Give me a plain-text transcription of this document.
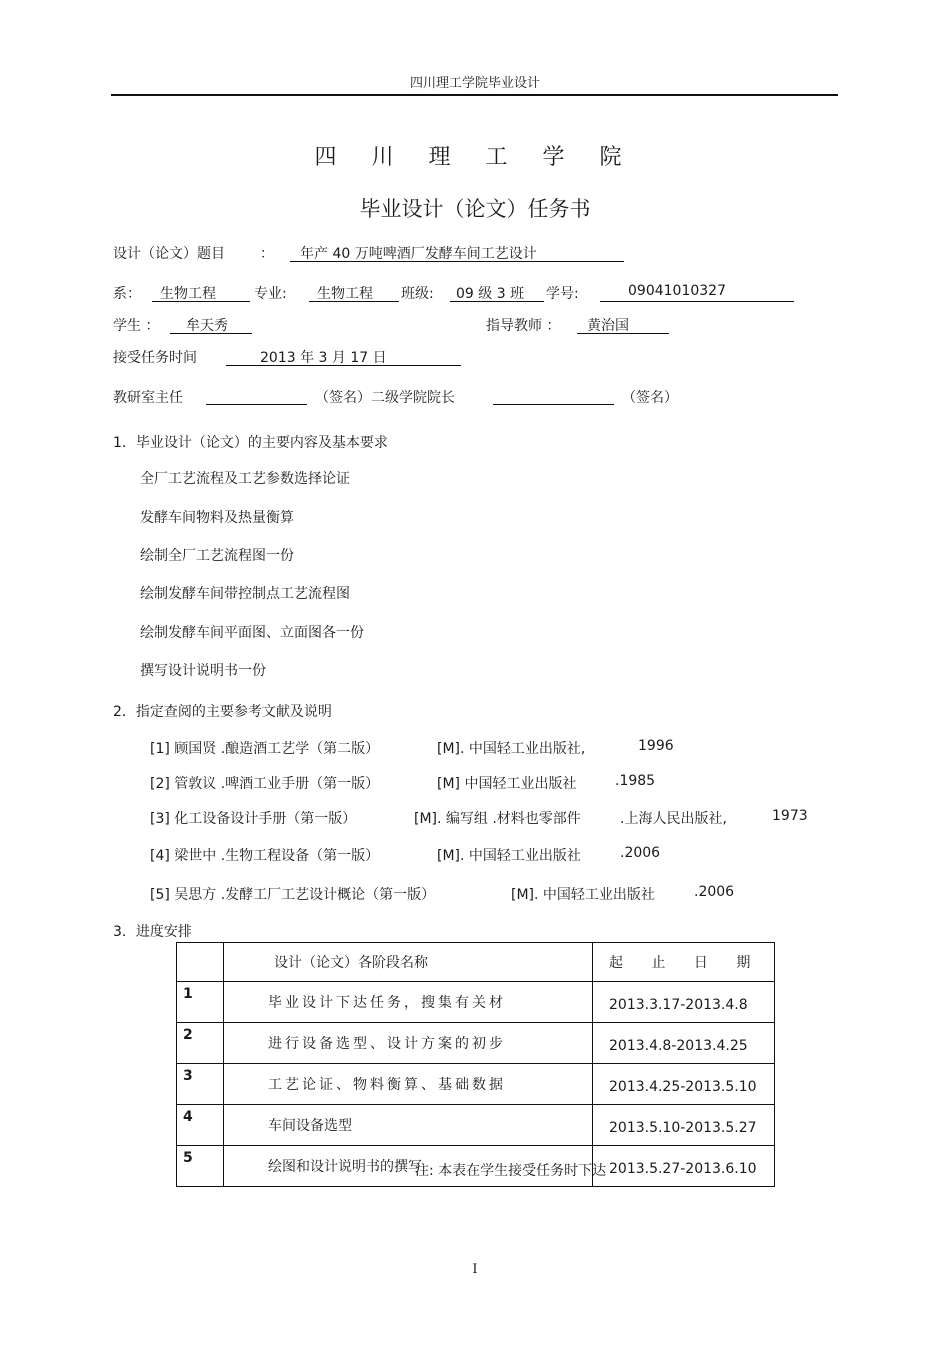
四川理工学院毕业设计
四 川 理 工 学 院
毕业设计（论文）任务书
设计（论文）题目	：	年产 40 万吨啤酒厂发酵车间工艺设计
系：	生物工程	专业:	生物工程	班级:	09 级 3 班	学号:	09041010327
学生 ：	牟天秀	指导教师 ：	黄治国
接受任务时间	2013 年 3 月 17 日
教研室主任	（签名）二级学院院长	（签名）
1．毕业设计（论文）的主要内容及基本要求
全厂工艺流程及工艺参数选择论证
发酵车间物料及热量衡算
绘制全厂工艺流程图一份
绘制发酵车间带控制点工艺流程图
绘制发酵车间平面图、立面图各一份
撰写设计说明书一份
2．指定查阅的主要参考文献及说明
[1] 顾国贤 .酿造酒工艺学（第二版）	[M]. 中国轻工业出版社,	1996
[2] 管敦议 .啤酒工业手册（第一版）	[M] 中国轻工业出版社	.1985
[3] 化工设备设计手册（第一版）	[M]. 编写组 .材料也零部件	.上海人民出版社,	1973
[4] 梁世中 .生物工程设备（第一版）	[M]. 中国轻工业出版社	.2006
[5] 吴思方 .发酵工厂工艺设计概论（第一版）	[M]. 中国轻工业出版社	.2006
3．进度安排
	设计（论文）各阶段名称	起 止 日 期
1	毕业设计下达任务，搜集有关材	2013.3.17-2013.4.8
2	进行设备选型、设计方案的初步	2013.4.8-2013.4.25
3	工艺论证、物料衡算、基础数据	2013.4.25-2013.5.10
4	车间设备选型	2013.5.10-2013.5.27
5	绘图和设计说明书的撰写	2013.5.27-2013.6.10
注: 本表在学生接受任务时下达
I
